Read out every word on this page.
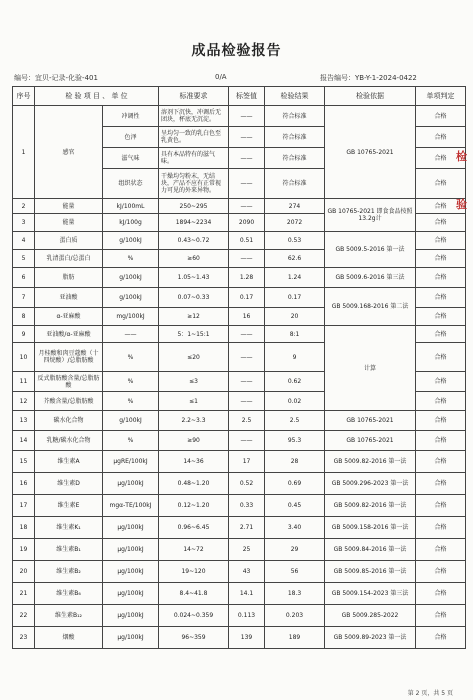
成品检验报告
编号：宜贝-记录-化验-401	0/A	报告编号：YB-Y-1-2024-0422
序号	检 验 项 目 、 单 位		标准要求	标签值	检验结果	检验依据	单项判定
1	感官	冲调性	溶剂下沉快，冲调后无团块，杯底无沉淀。	——	符合标准	GB 10765-2021	合格
		色泽	呈均匀一致的乳白色至乳黄色。	——	符合标准		合格
		滋气味	具有本品特有的滋气味。	——	符合标准		合格
		组织状态	干燥均匀粉末，无结块，产品不应有正常视力可见的外来异物。	——	符合标准		合格
2	能量	kJ/100mL	250~295	——	274	GB 10765-2021 即食食品按照13.2g计	合格
3	能量	kJ/100g	1894~2234	2090	2072		合格
4	蛋白质	g/100kJ	0.43~0.72	0.51	0.53	GB 5009.5-2016 第一法	合格
5	乳清蛋白/总蛋白	%	≥60	——	62.6		合格
6	脂肪	g/100kJ	1.05~1.43	1.28	1.24	GB 5009.6-2016 第三法	合格
7	亚油酸	g/100kJ	0.07~0.33	0.17	0.17	GB 5009.168-2016 第二法	合格
8	α-亚麻酸	mg/100kJ	≥12	16	20		合格
9	亚油酸/α-亚麻酸	——	5：1~15:1	——	8:1	计算	合格
10	月桂酸和肉豆蔻酸（十四烷酸）/总脂肪酸	%	≤20	——	9		合格
11	反式脂肪酸含量/总脂肪酸	%	≤3	——	0.62		合格
12	芥酸含量/总脂肪酸	%	≤1	——	0.02		合格
13	碳水化合物	g/100kJ	2.2~3.3	2.5	2.5	GB 10765-2021	合格
14	乳糖/碳水化合物	%	≥90	——	95.3	GB 10765-2021	合格
15	维生素A	μgRE/100kJ	14~36	17	28	GB 5009.82-2016 第一法	合格
16	维生素D	μg/100kJ	0.48~1.20	0.52	0.69	GB 5009.296-2023 第一法	合格
17	维生素E	mgα-TE/100kJ	0.12~1.20	0.33	0.45	GB 5009.82-2016 第一法	合格
18	维生素K₁	μg/100kJ	0.96~6.45	2.71	3.40	GB 5009.158-2016 第一法	合格
19	维生素B₁	μg/100kJ	14~72	25	29	GB 5009.84-2016 第一法	合格
20	维生素B₂	μg/100kJ	19~120	43	56	GB 5009.85-2016 第一法	合格
21	维生素B₆	μg/100kJ	8.4~41.8	14.1	18.3	GB 5009.154-2023 第三法	合格
22	维生素B₁₂	μg/100kJ	0.024~0.359	0.113	0.203	GB 5009.285-2022	合格
23	烟酸	μg/100kJ	96~359	139	189	GB 5009.89-2023 第一法	合格
检
验
第 2 页，共 5 页
